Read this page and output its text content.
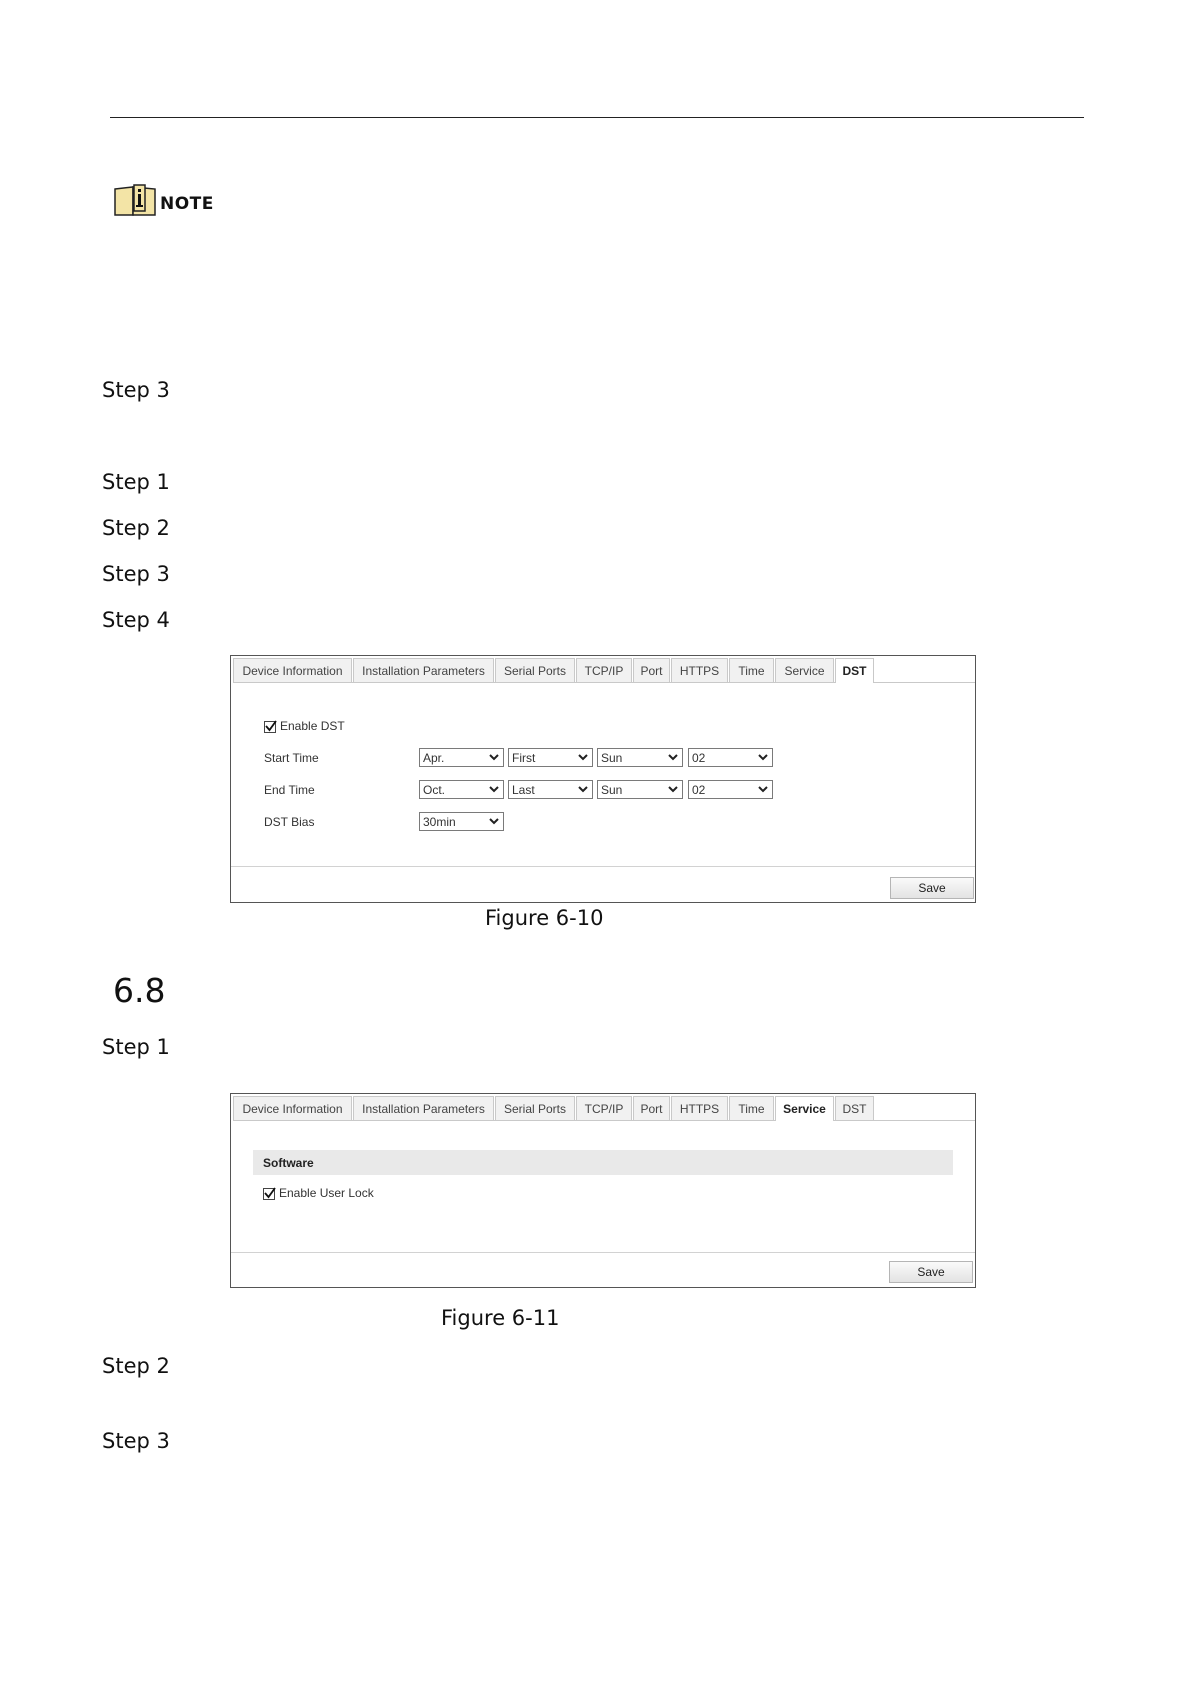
NOTE
Step 3
Step 1
Step 2
Step 3
Step 4
Device Information	Installation Parameters	Serial Ports	TCP/IP	Port	HTTPS	Time	Service	DST
Enable DST
Start Time	Apr.	First	Sun	02
End Time	Oct.	Last	Sun	02
DST Bias	30min
Save
Figure 6-10
6.8
Step 1
Device Information	Installation Parameters	Serial Ports	TCP/IP	Port	HTTPS	Time	Service	DST
Software
Enable User Lock
Save
Figure 6-11
Step 2
Step 3
